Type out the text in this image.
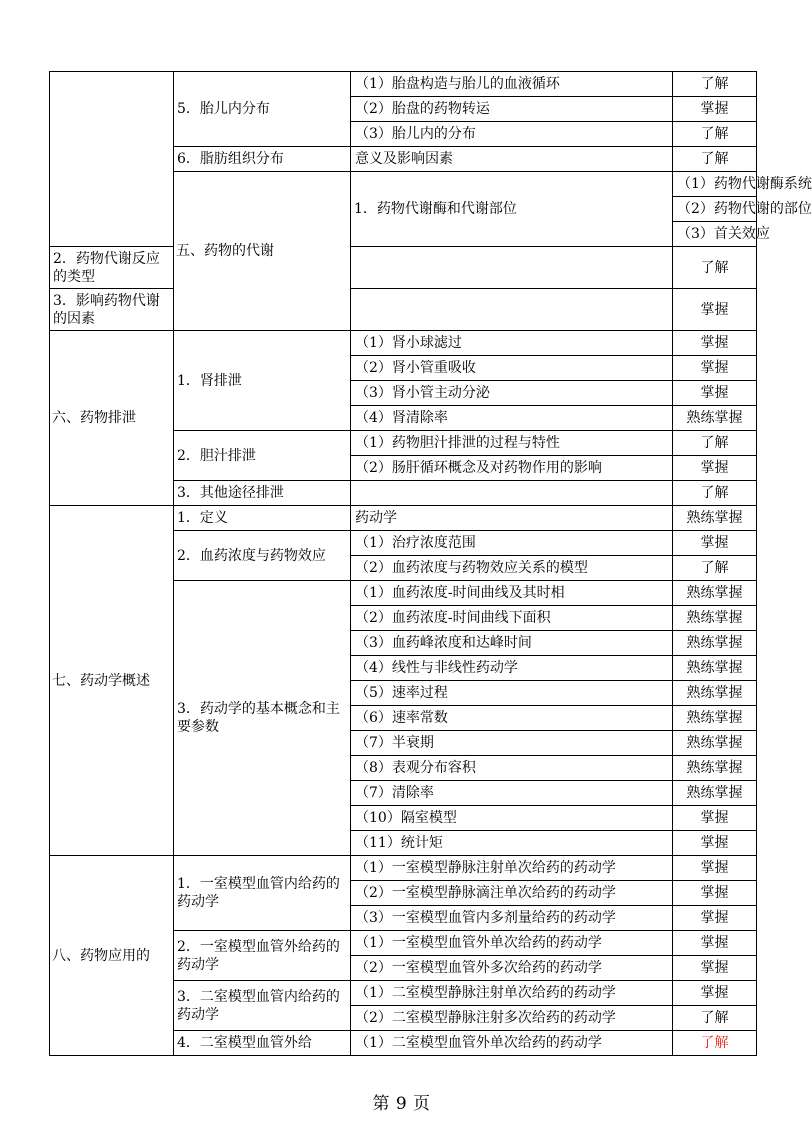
	5．胎儿内分布	（1）胎盘构造与胎儿的血液循环	了解	
		（2）胎盘的药物转运	掌握	
		（3）胎儿内的分布	了解	
	6．脂肪组织分布	意义及影响因素	了解	
	五、药物的代谢	1．药物代谢酶和代谢部位	（1）药物代谢酶系统	
			（2）药物代谢的部位	
			（3）首关效应	
2．药物代谢反应的类型			了解	
3．影响药物代谢的因素			掌握	
六、药物排泄	1．肾排泄	（1）肾小球滤过	掌握	
		（2）肾小管重吸收	掌握	
		（3）肾小管主动分泌	掌握	
		（4）肾清除率	熟练掌握	
	2．胆汁排泄	（1）药物胆汁排泄的过程与特性	了解	
		（2）肠肝循环概念及对药物作用的影响	掌握	
	3．其他途径排泄		了解	
七、药动学概述	1．定义	药动学	熟练掌握	
	2．血药浓度与药物效应	（1）治疗浓度范围	掌握	
		（2）血药浓度与药物效应关系的模型	了解	
	3．药动学的基本概念和主要参数	（1）血药浓度-时间曲线及其时相	熟练掌握	
		（2）血药浓度-时间曲线下面积	熟练掌握	
		（3）血药峰浓度和达峰时间	熟练掌握	
		（4）线性与非线性药动学	熟练掌握	
		（5）速率过程	熟练掌握	
		（6）速率常数	熟练掌握	
		（7）半衰期	熟练掌握	
		（8）表观分布容积	熟练掌握	
		（7）清除率	熟练掌握	
		（10）隔室模型	掌握	
		（11）统计矩	掌握	
八、药物应用的	1．一室模型血管内给药的药动学	（1）一室模型静脉注射单次给药的药动学	掌握	
		（2）一室模型静脉滴注单次给药的药动学	掌握	
		（3）一室模型血管内多剂量给药的药动学	掌握	
	2．一室模型血管外给药的药动学	（1）一室模型血管外单次给药的药动学	掌握	
		（2）一室模型血管外多次给药的药动学	掌握	
	3．二室模型血管内给药的药动学	（1）二室模型静脉注射单次给药的药动学	掌握	
		（2）二室模型静脉注射多次给药的药动学	了解	
	4．二室模型血管外给	（1）二室模型血管外单次给药的药动学	了解	
第 9 页
